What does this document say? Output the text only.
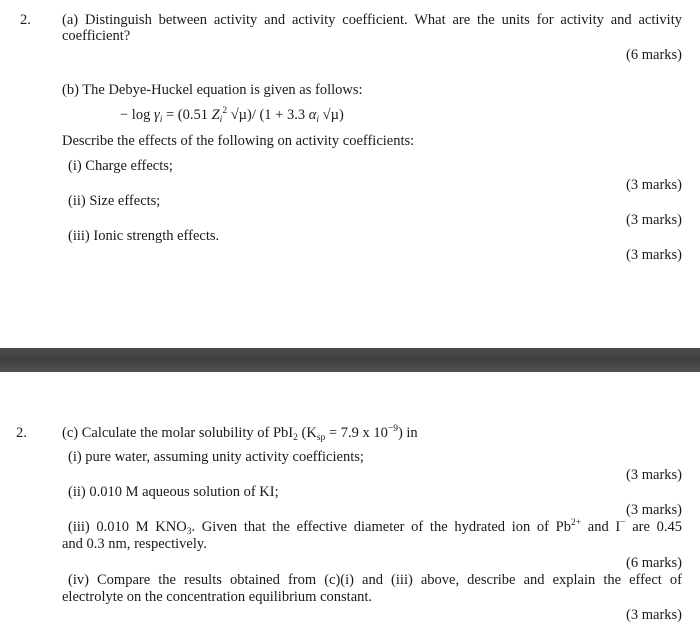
2. (a) Distinguish between activity and activity coefficient. What are the units for activity and activity
coefficient?
(6 marks)
(b) The Debye-Huckel equation is given as follows:
− $\log \gamma_i = (0.51$ $Z_i^2$ √µ)/ (1 + 3.3 $\alpha_i$ √µ)
Describe the effects of the following on activity coefficients:
(i) Charge effects;
(3 marks)
(ii) Size effects;
(3 marks)
(iii) Ionic strength effects.
(3 marks)
2. (c) Calculate the molar solubility of PbI$_2$ ($K_{sp} = 7.9$ x $10^{-9}$) in
(i) pure water, assuming unity activity coefficients;
(3 marks)
(ii) 0.010 M aqueous solution of KI;
(3 marks)
(iii) 0.010 M $KNO_3$. Given that the effective diameter of the hydrated ion of $Pb^{2+}$ and I− are 0.45
and 0.3 nm, respectively.
(6 marks)
(iv) Compare the results obtained from (c)(i) and (iii) above, describe and explain the effect of
electrolyte on the concentration equilibrium constant.
(3 marks)
